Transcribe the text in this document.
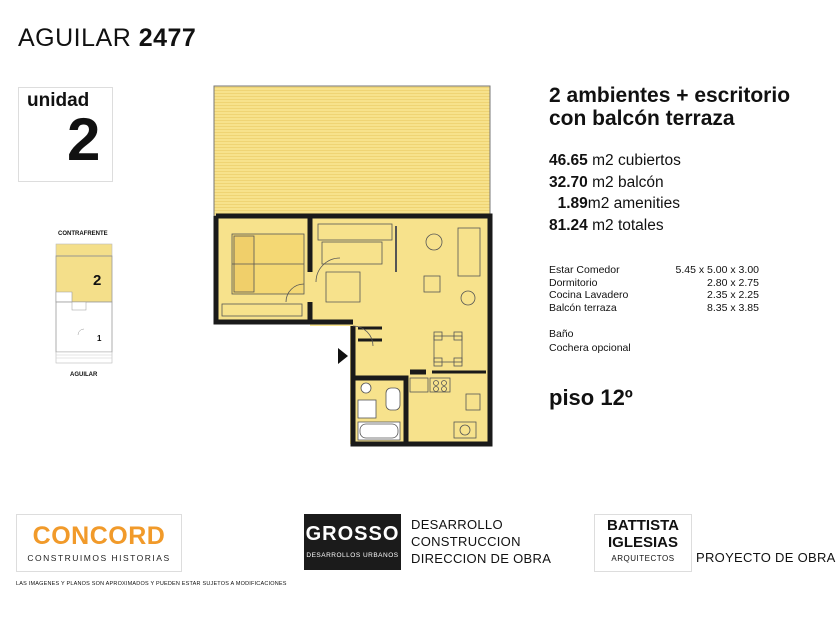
AGUILAR 2477
unidad
2
CONTRAFRENTE
2
1
AGUILAR
2 ambientes + escritorio
con balcón terraza
46.65 m2 cubiertos
32.70 m2 balcón
1.89m2 amenities
81.24 m2 totales
Estar Comedor	5.45 x 5.00 x 3.00
Dormitorio	2.80 x 2.75
Cocina Lavadero	2.35 x 2.25
Balcón terraza	8.35 x 3.85
Baño
Cochera opcional
piso 12º
CONCORD
CONSTRUIMOS HISTORIAS
GROSSO
DESARROLLOS URBANOS
DESARROLLO
CONSTRUCCION
DIRECCION DE OBRA
BATTISTA
IGLESIAS
ARQUITECTOS	PROYECTO DE OBRA
LAS IMAGENES Y PLANOS SON APROXIMADOS Y PUEDEN ESTAR SUJETOS A MODIFICACIONES
